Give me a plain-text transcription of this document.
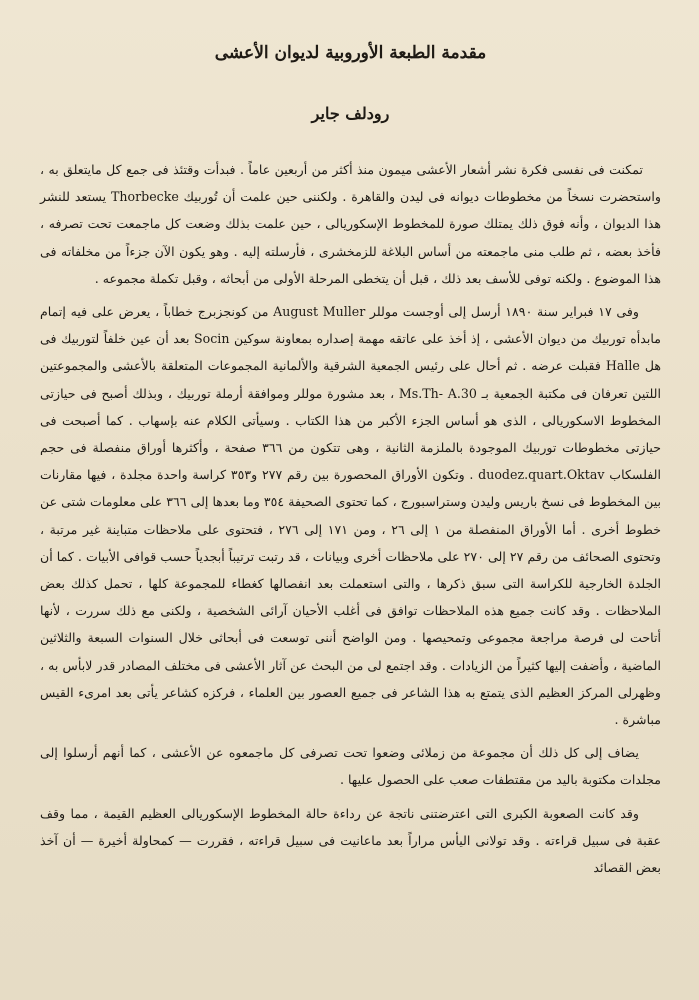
مقدمة الطبعة الأوروبية لديوان الأعشى
رودلف جاير

تمكنت فى نفسى فكرة نشر أشعار الأعشى ميمون منذ أكثر من أربعين عاماً . فبدأت وقتئذ فى جمع كل مايتعلق به ، واستحضرت نسخاً من مخطوطات ديوانه فى ليدن والقاهرة . ولكننى حين علمت أن تُوربيك Thorbecke يستعد للنشر هذا الديوان ، وأنه فوق ذلك يمتلك صورة للمخطوط الإسكوريالى ، حين علمت بذلك وضعت كل ماجمعت تحت تصرفه ، فأخذ بعضه ، ثم طلب منى ماجمعته من أساس البلاغة للزمخشرى ، فأرسلته إليه . وهو يكون الآن جزءاً من مخلفاته فى هذا الموضوع . ولكنه توفى للأسف بعد ذلك ، قبل أن يتخطى المرحلة الأولى من أبحاثه ، وقبل تكملة مجموعه .

وفى ١٧ فبراير سنة ١٨٩٠ أرسل إلى أوجست موللر August Muller من كونجزبرج خطاباً ، يعرض على فيه إتمام مابدأه توربيك من ديوان الأعشى ، إذ أخذ على عاتقه مهمة إصداره بمعاونة سوكين Socin بعد أن عين خلفاً لتوربيك فى هل Halle فقبلت عرضه . ثم أحال على رئيس الجمعية الشرقية والألمانية المجموعات المتعلقة بالأعشى والمجموعتين اللتين تعرفان فى مكتبة الجمعية بـ Ms.Th- A.30 ، بعد مشورة موللر وموافقة أرملة توربيك ، وبذلك أصبح فى حيازتى المخطوط الاسكوريالى ، الذى هو أساس الجزء الأكبر من هذا الكتاب . وسيأتى الكلام عنه بإسهاب . كما أصبحت فى حيازتى مخطوطات توربيك الموجودة بالملزمة الثانية ، وهى تتكون من ٣٦٦ صفحة ، وأكثرها أوراق منفصلة فى حجم الفلسكاب duodez.quart.Oktav . وتكون الأوراق المحصورة بين رقم ٢٧٧ و٣٥٣ كراسة واحدة مجلدة ، فيها مقارنات بين المخطوط فى نسخ باريس وليدن وستراسبورج ، كما تحتوى الصحيفة ٣٥٤ وما بعدها إلى ٣٦٦ على معلومات شتى عن خطوط أخرى . أما الأوراق المنفصلة من ١ إلى ٢٦ ، ومن ١٧١ إلى ٢٧٦ ، فتحتوى على ملاحظات متباينة غير مرتبة ، وتحتوى الصحائف من رقم ٢٧ إلى ٢٧٠ على ملاحظات أخرى وبيانات ، قد رتبت ترتيباً أبجدياً حسب قوافى الأبيات . كما أن الجلدة الخارجية للكراسة التى سبق ذكرها ، والتى استعملت بعد انفصالها كغطاء للمجموعة كلها ، تحمل كذلك بعض الملاحظات . وقد كانت جميع هذه الملاحظات توافق فى أغلب الأحيان آرائى الشخصية ، ولكنى مع ذلك سررت ، لأنها أتاحت لى فرصة مراجعة مجموعى وتمحيصها . ومن الواضح أننى توسعت فى أبحاثى خلال السنوات السبعة والثلاثين الماضية ، وأضفت إليها كثيراً من الزيادات . وقد اجتمع لى من البحث عن آثار الأعشى فى مختلف المصادر قدر لابأس به ، وظهرلى المركز العظيم الذى يتمتع به هذا الشاعر فى جميع العصور بين العلماء ، فركزه كشاعر يأتى بعد امرىء القيس مباشرة .

يضاف إلى كل ذلك أن مجموعة من زملائى وضعوا تحت تصرفى كل ماجمعوه عن الأعشى ، كما أنهم أرسلوا إلى مجلدات مكتوبة باليد من مقتطفات صعب على الحصول عليها .

وقد كانت الصعوبة الكبرى التى اعترضتنى ناتجة عن رداءة حالة المخطوط الإسكوريالى العظيم القيمة ، مما وقف عقبة فى سبيل قراءته . وقد تولانى اليأس مراراً بعد ماعانيت فى سبيل قراءته ، فقررت — كمحاولة أخيرة — أن آخذ بعض القصائد
